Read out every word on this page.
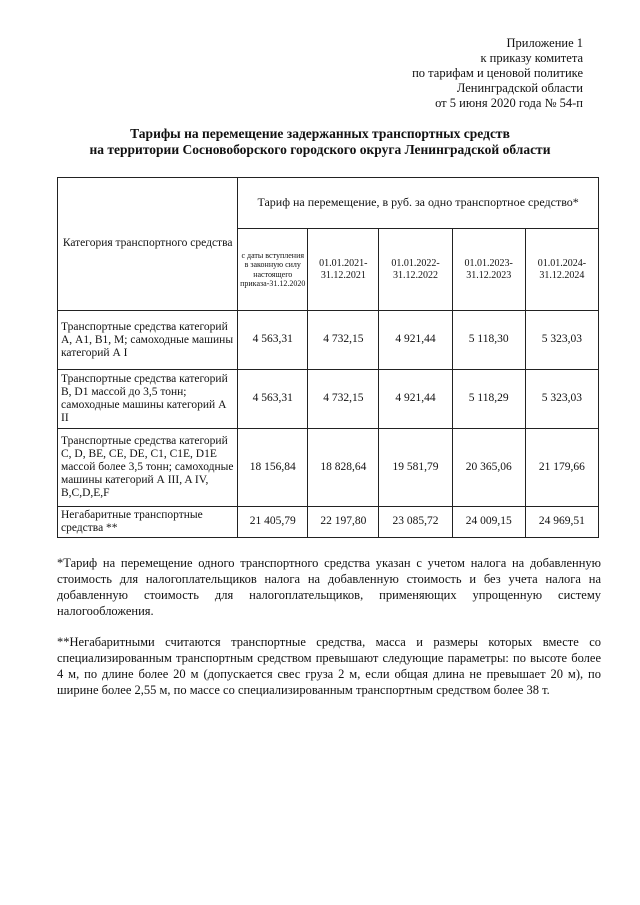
Приложение 1
к приказу комитета
по тарифам и ценовой политике
Ленинградской области
от 5 июня 2020 года № 54-п
Тарифы на перемещение задержанных транспортных средств
на территории Сосновоборского городского округа Ленинградской области
Категория транспортного средства	Тариф на перемещение, в руб. за одно транспортное средство*				
	с даты вступления в законную силу настоящего приказа-31.12.2020	01.01.2021-31.12.2021	01.01.2022-31.12.2022	01.01.2023-31.12.2023	01.01.2024-31.12.2024
Транспортные средства категорий А, А1, В1, М; самоходные машины категорий А I	4 563,31	4 732,15	4 921,44	5 118,30	5 323,03
Транспортные средства категорий В, D1 массой до 3,5 тонн; самоходные машины категорий А II	4 563,31	4 732,15	4 921,44	5 118,29	5 323,03
Транспортные средства категорий С, D, ВЕ, СЕ, DE, С1, С1Е, D1E массой более 3,5 тонн; самоходные машины категорий А III, A IV, B,C,D,E,F	18 156,84	18 828,64	19 581,79	20 365,06	21 179,66
Негабаритные транспортные средства **	21 405,79	22 197,80	23 085,72	24 009,15	24 969,51

*Тариф на перемещение одного транспортного средства указан с учетом налога на добавленную стоимость для налогоплательщиков налога на добавленную стоимость и без учета налога на добавленную стоимость для налогоплательщиков, применяющих упрощенную систему налогообложения.

**Негабаритными считаются транспортные средства, масса и размеры которых вместе со специализированным транспортным средством превышают следующие параметры: по высоте более 4 м, по длине более 20 м (допускается свес груза 2 м, если общая длина не превышает 20 м), по ширине более 2,55 м, по массе со специализированным транспортным средством более 38 т.
